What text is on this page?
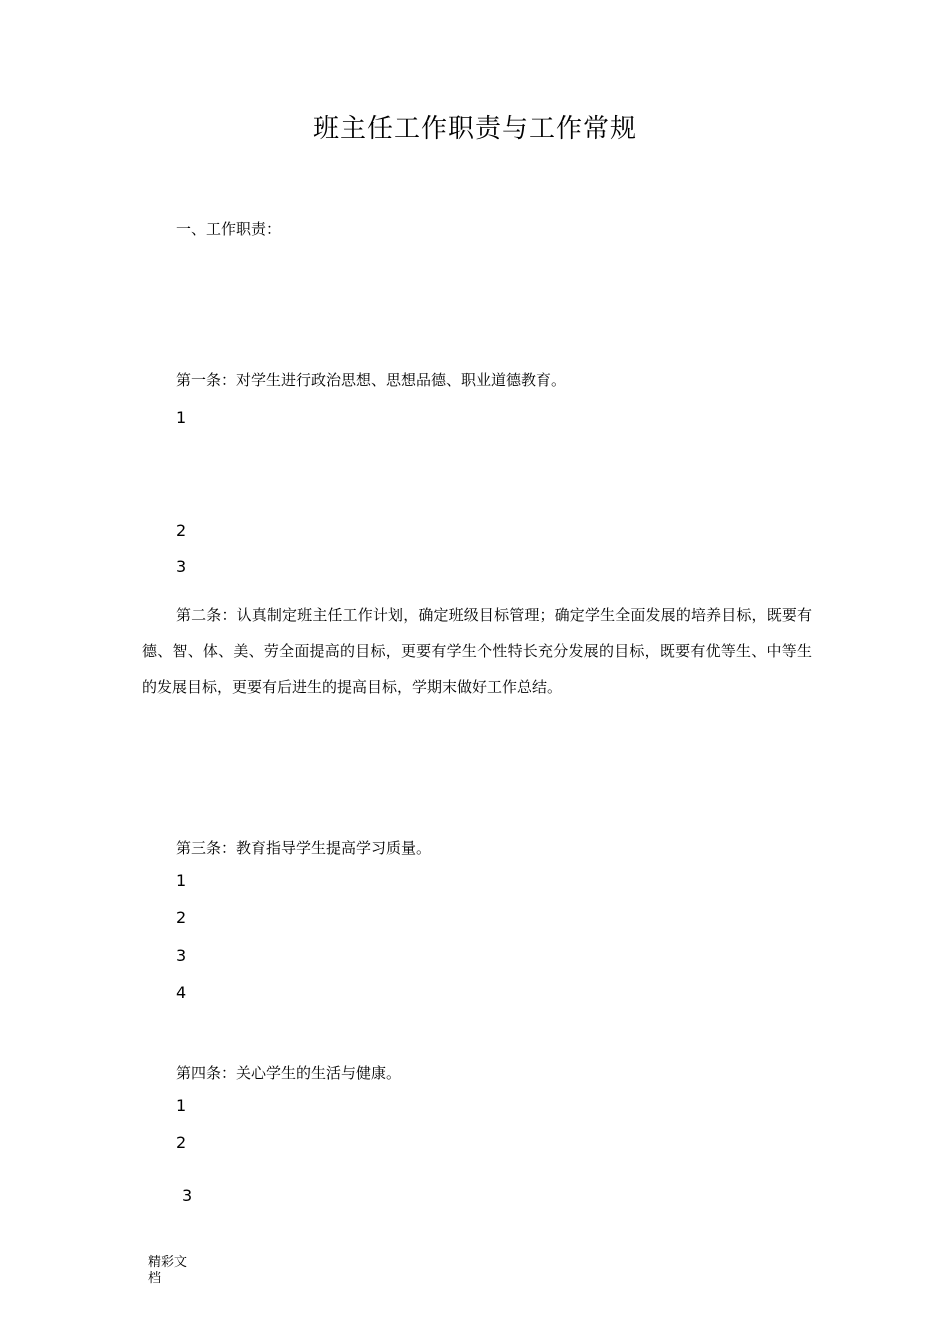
班主任工作职责与工作常规
一、工作职责：
第一条：对学生进行政治思想、思想品德、职业道德教育。
1
2
3
第二条：认真制定班主任工作计划，确定班级目标管理；确定学生全面发展的培养目标，既要有德、智、体、美、劳全面提高的目标，更要有学生个性特长充分发展的目标，既要有优等生、中等生的发展目标，更要有后进生的提高目标，学期末做好工作总结。
第三条：教育指导学生提高学习质量。
1
2
3
4
第四条：关心学生的生活与健康。
1
2
3
精彩文档
